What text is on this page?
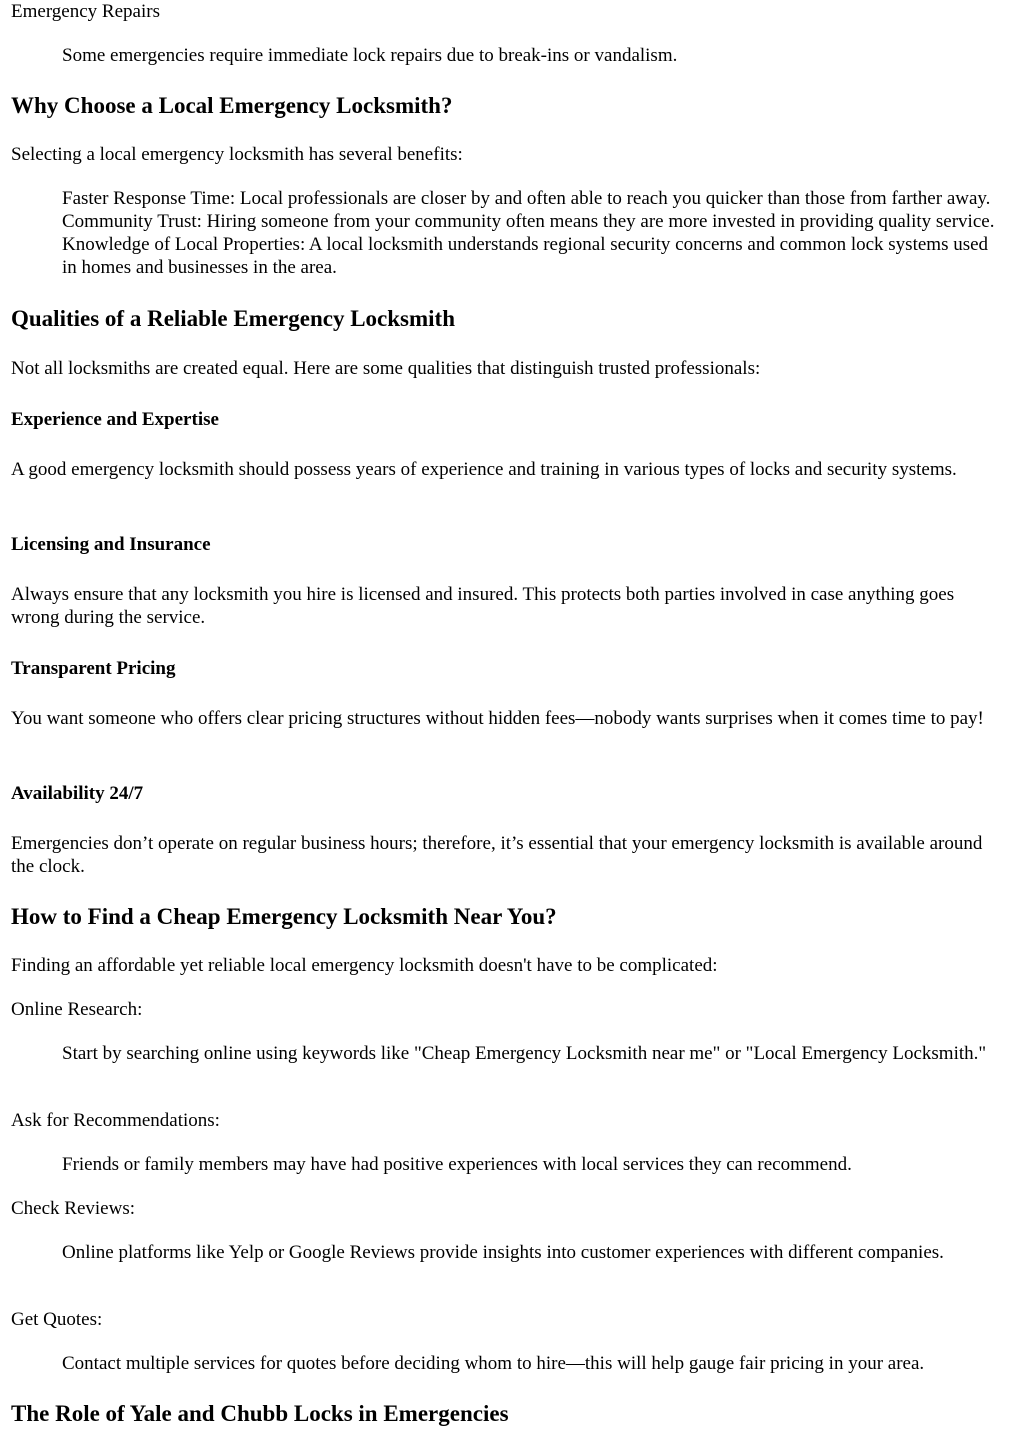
Emergency Repairs

Some emergencies require immediate lock repairs due to break-ins or vandalism.

Why Choose a Local Emergency Locksmith?

Selecting a local emergency locksmith has several benefits:

Faster Response Time: Local professionals are closer by and often able to reach you quicker than those from farther away. Community Trust: Hiring someone from your community often means they are more invested in providing quality service. Knowledge of Local Properties: A local locksmith understands regional security concerns and common lock systems used in homes and businesses in the area.

Qualities of a Reliable Emergency Locksmith

Not all locksmiths are created equal. Here are some qualities that distinguish trusted professionals:

Experience and Expertise

A good emergency locksmith should possess years of experience and training in various types of locks and security systems.

Licensing and Insurance

Always ensure that any locksmith you hire is licensed and insured. This protects both parties involved in case anything goes wrong during the service.

Transparent Pricing

You want someone who offers clear pricing structures without hidden fees—nobody wants surprises when it comes time to pay!

Availability 24/7

Emergencies don’t operate on regular business hours; therefore, it’s essential that your emergency locksmith is available around the clock.

How to Find a Cheap Emergency Locksmith Near You?

Finding an affordable yet reliable local emergency locksmith doesn't have to be complicated:

Online Research:

Start by searching online using keywords like "Cheap Emergency Locksmith near me" or "Local Emergency Locksmith."

Ask for Recommendations:

Friends or family members may have had positive experiences with local services they can recommend.

Check Reviews:

Online platforms like Yelp or Google Reviews provide insights into customer experiences with different companies.

Get Quotes:

Contact multiple services for quotes before deciding whom to hire—this will help gauge fair pricing in your area.

The Role of Yale and Chubb Locks in Emergencies
